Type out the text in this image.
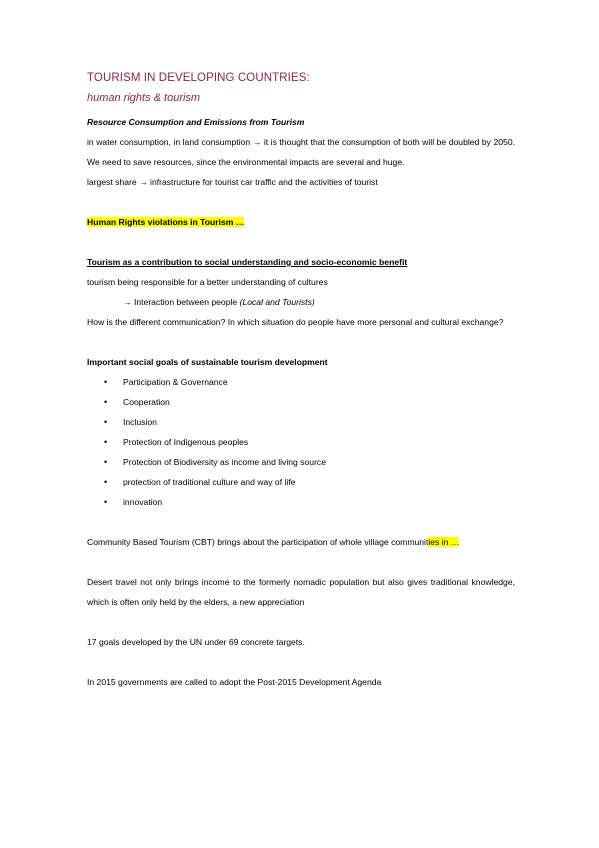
TOURISM IN DEVELOPING COUNTRIES:
human rights & tourism
Resource Consumption and Emissions from Tourism
in water consumption, in land consumption → it is thought that the consumption of both will be doubled by 2050. We need to save resources, since the environmental impacts are several and huge.
largest share → infrastructure for tourist car traffic and the activities of tourist
Human Rights violations in Tourism …
Tourism as a contribution to social understanding and socio-economic benefit
tourism being responsible for a better understanding of cultures
→ Interaction between people (Local and Tourists)
How is the different communication? In which situation do people have more personal and cultural exchange?
Important social goals of sustainable tourism development
• Participation & Governance
• Cooperation
• Inclusion
• Protection of Indigenous peoples
• Protection of Biodiversity as income and living source
• protection of traditional culture and way of life
• innovation
Community Based Tourism (CBT) brings about the participation of whole village communities in …
Desert travel not only brings income to the formerly nomadic population but also gives traditional knowledge, which is often only held by the elders, a new appreciation
17 goals developed by the UN under 69 concrete targets.
In 2015 governments are called to adopt the Post-2015 Development Agenda
